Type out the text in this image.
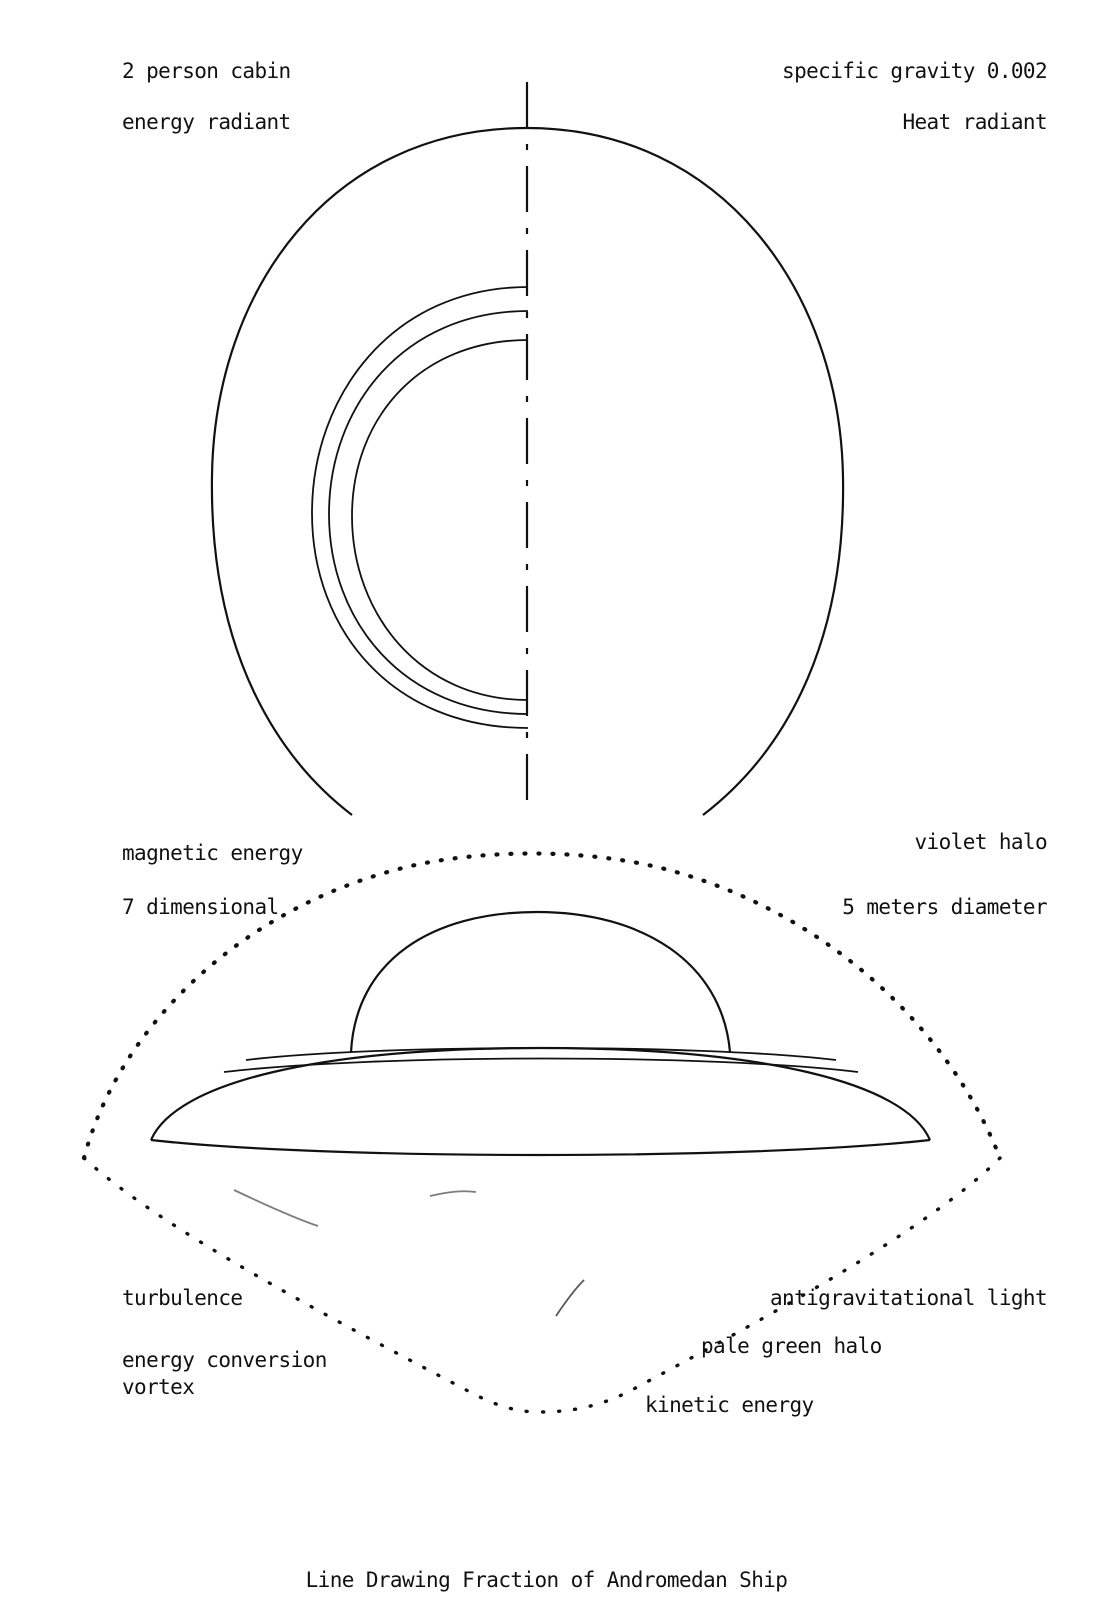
2 person cabin
energy radiant
specific gravity 0.002
Heat radiant
magnetic energy
7 dimensional
violet halo
5 meters diameter
turbulence
energy conversion
vortex
antigravitational light
pale green halo
kinetic energy
Line Drawing Fraction of Andromedan Ship
